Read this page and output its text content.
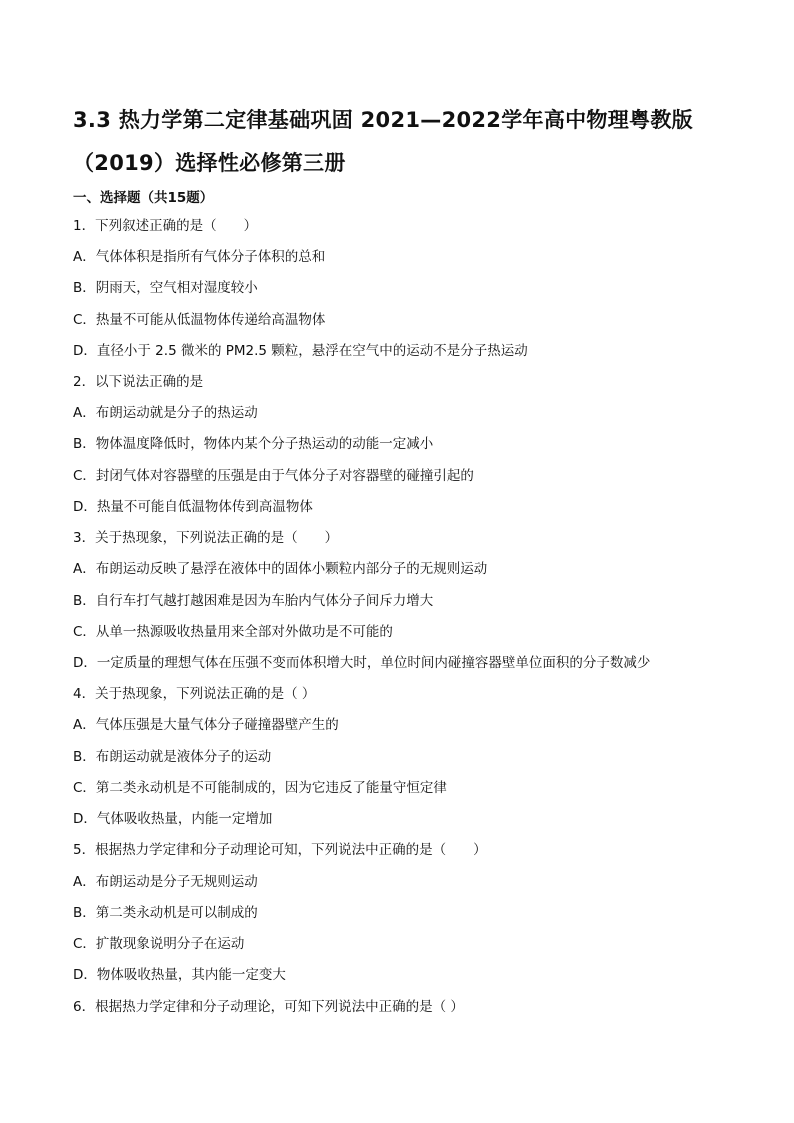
3.3 热力学第二定律基础巩固 2021—2022学年高中物理粤教版
（2019）选择性必修第三册
一、选择题（共15题）
1．下列叙述正确的是（　　）
A．气体体积是指所有气体分子体积的总和
B．阴雨天，空气相对湿度较小
C．热量不可能从低温物体传递给高温物体
D．直径小于 2.5 微米的 PM2.5 颗粒，悬浮在空气中的运动不是分子热运动
2．以下说法正确的是
A．布朗运动就是分子的热运动
B．物体温度降低时，物体内某个分子热运动的动能一定减小
C．封闭气体对容器壁的压强是由于气体分子对容器壁的碰撞引起的
D．热量不可能自低温物体传到高温物体
3．关于热现象，下列说法正确的是（　　）
A．布朗运动反映了悬浮在液体中的固体小颗粒内部分子的无规则运动
B．自行车打气越打越困难是因为车胎内气体分子间斥力增大
C．从单一热源吸收热量用来全部对外做功是不可能的
D．一定质量的理想气体在压强不变而体积增大时，单位时间内碰撞容器壁单位面积的分子数减少
4．关于热现象，下列说法正确的是（ ）
A．气体压强是大量气体分子碰撞器壁产生的
B．布朗运动就是液体分子的运动
C．第二类永动机是不可能制成的，因为它违反了能量守恒定律
D．气体吸收热量，内能一定增加
5．根据热力学定律和分子动理论可知，下列说法中正确的是（　　）
A．布朗运动是分子无规则运动
B．第二类永动机是可以制成的
C．扩散现象说明分子在运动
D．物体吸收热量，其内能一定变大
6．根据热力学定律和分子动理论，可知下列说法中正确的是（ ）
